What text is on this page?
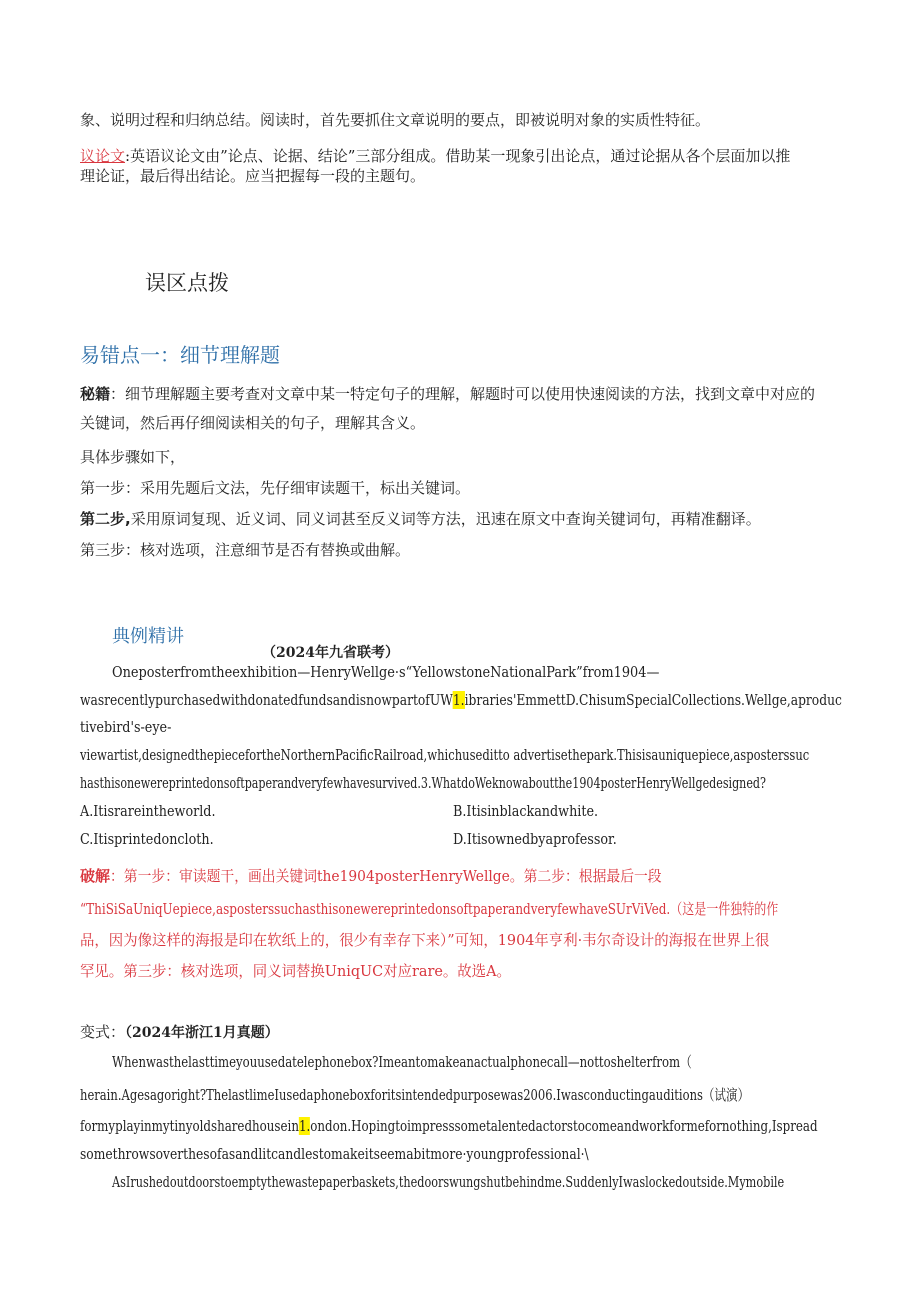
象、说明过程和归纳总结。阅读时，首先要抓住文章说明的要点，即被说明对象的实质性特征。
议论文:英语议论文由”论点、论据、结论”三部分组成。借助某一现象引出论点，通过论据从各个层面加以推
理论证，最后得出结论。应当把握每一段的主题句。
误区点拨
易错点一：细节理解题
秘籍：细节理解题主要考查对文章中某一特定句子的理解，解题时可以使用快速阅读的方法，找到文章中对应的
关键词，然后再仔细阅读相关的句子，理解其含义。
具体步骤如下，
第一步：采用先题后文法，先仔细审读题干，标出关键词。
第二步,采用原词复现、近义词、同义词甚至反义词等方法，迅速在原文中查询关键词句，再精准翻译。
第三步：核对选项，注意细节是否有替换或曲解。
典例精讲
（2024年九省联考）
Oneposterfromtheexhibition—HenryWellge·s“YellowstoneNationalPark”from1904—
wasrecentlypurchasedwithdonatedfundsandisnowpartofUW1.ibraries'EmmettD.ChisumSpecialCollections.Wellge,aproduc
tivebird's-eye-
viewartist,designedthepiecefortheNorthernPacificRailroad,whichuseditto advertisethepark.Thisisauniquepiece,asposterssuc
hasthisonewereprintedonsoftpaperandveryfewhavesurvived.3.WhatdoWeknowaboutthe1904posterHenryWellgedesigned?
A.Itisrareintheworld.	B.Itisinblackandwhite.
C.Itisprintedoncloth.	D.Itisownedbyaprofessor.
破解：第一步：审读题干，画出关键词the1904posterHenryWellge。第二步：根据最后一段
“ThiSiSaUniqUepiece,asposterssuchasthisonewereprintedonsoftpaperandveryfewhaveSUrViVed.（这是一件独特的作
品，因为像这样的海报是印在软纸上的，很少有幸存下来）”可知，1904年亨利·韦尔奇设计的海报在世界上很
罕见。第三步：核对选项，同义词替换UniqUC对应rare。故选A。
变式：（2024年浙江1月真题）
Whenwasthelasttimeyouusedatelephonebox?Imeantomakeanactualphonecall—nottoshelterfrom（
herain.Agesagoright?ThelastlimeIusedaphoneboxforitsintendedpurposewas2006.Iwasconductingauditions（试演）
formyplayinmytinyoldsharedhousein1.ondon.Hopingtoimpresssometalentedactorstocomeandworkformefornothing,Ispread
somethrowsoverthesofasandlitcandlestomakeitseemabitmore·youngprofessional·\
AsIrushedoutdoorstoemptythewastepaperbaskets,thedoorswungshutbehindme.SuddenlyIwaslockedoutside.Mymobile
